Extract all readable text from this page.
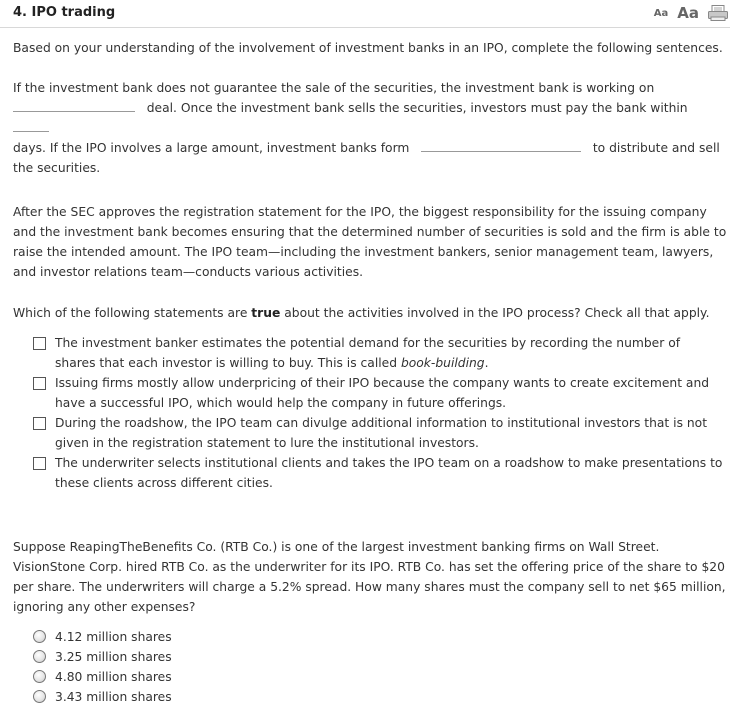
4. IPO trading	Aa Aa

Based on your understanding of the involvement of investment banks in an IPO, complete the following sentences.

If the investment bank does not guarantee the sale of the securities, the investment bank is working on
deal. Once the investment bank sells the securities, investors must pay the bank within
days. If the IPO involves a large amount, investment banks form	to distribute and sell
the securities.

After the SEC approves the registration statement for the IPO, the biggest responsibility for the issuing company and the investment bank becomes ensuring that the determined number of securities is sold and the firm is able to raise the intended amount. The IPO team—including the investment bankers, senior management team, lawyers, and investor relations team—conducts various activities.

Which of the following statements are true about the activities involved in the IPO process? Check all that apply.

The investment banker estimates the potential demand for the securities by recording the number of shares that each investor is willing to buy. This is called book-building.
Issuing firms mostly allow underpricing of their IPO because the company wants to create excitement and have a successful IPO, which would help the company in future offerings.
During the roadshow, the IPO team can divulge additional information to institutional investors that is not given in the registration statement to lure the institutional investors.
The underwriter selects institutional clients and takes the IPO team on a roadshow to make presentations to these clients across different cities.

Suppose ReapingTheBenefits Co. (RTB Co.) is one of the largest investment banking firms on Wall Street. VisionStone Corp. hired RTB Co. as the underwriter for its IPO. RTB Co. has set the offering price of the share to $20 per share. The underwriters will charge a 5.2% spread. How many shares must the company sell to net $65 million, ignoring any other expenses?

4.12 million shares
3.25 million shares
4.80 million shares
3.43 million shares
